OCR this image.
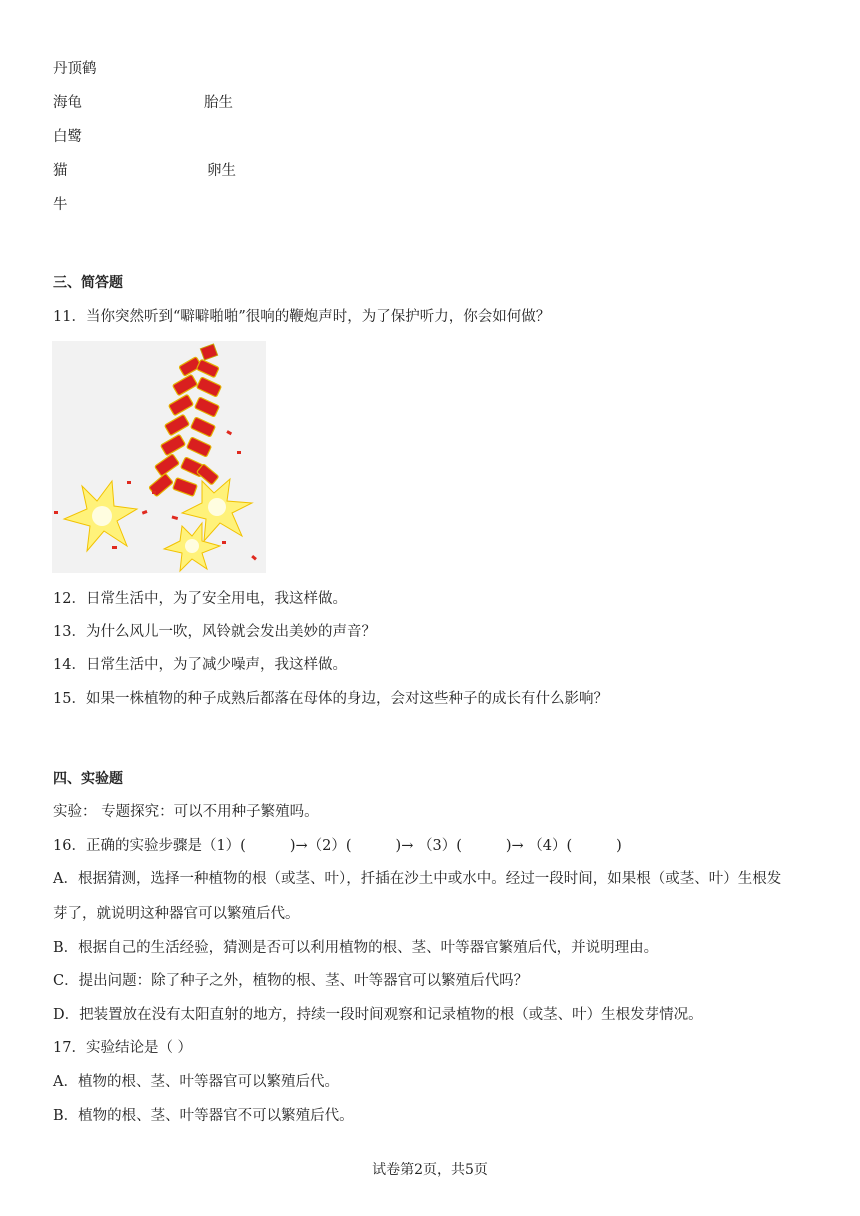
丹顶鹤
海龟	胎生
白鹭
猫	卵生
牛
三、简答题
11．当你突然听到“噼噼啪啪”很响的鞭炮声时，为了保护听力，你会如何做？
12．日常生活中，为了安全用电，我这样做。
13．为什么风儿一吹，风铃就会发出美妙的声音？
14．日常生活中，为了减少噪声，我这样做。
15．如果一株植物的种子成熟后都落在母体的身边，会对这些种子的成长有什么影响？
四、实验题
实验： 专题探究：可以不用种子繁殖吗。
16．正确的实验步骤是（1）(	)→（2）(	)→ （3）(	)→ （4）(	)
A．根据猜测，选择一种植物的根（或茎、叶），扦插在沙土中或水中。经过一段时间，如果根（或茎、叶）生根发
芽了，就说明这种器官可以繁殖后代。
B．根据自己的生活经验，猜测是否可以利用植物的根、茎、叶等器官繁殖后代，并说明理由。
C．提出问题：除了种子之外，植物的根、茎、叶等器官可以繁殖后代吗？
D．把装置放在没有太阳直射的地方，持续一段时间观察和记录植物的根（或茎、叶）生根发芽情况。
17．实验结论是（ ）
A．植物的根、茎、叶等器官可以繁殖后代。
B．植物的根、茎、叶等器官不可以繁殖后代。
试卷第2页，共5页
